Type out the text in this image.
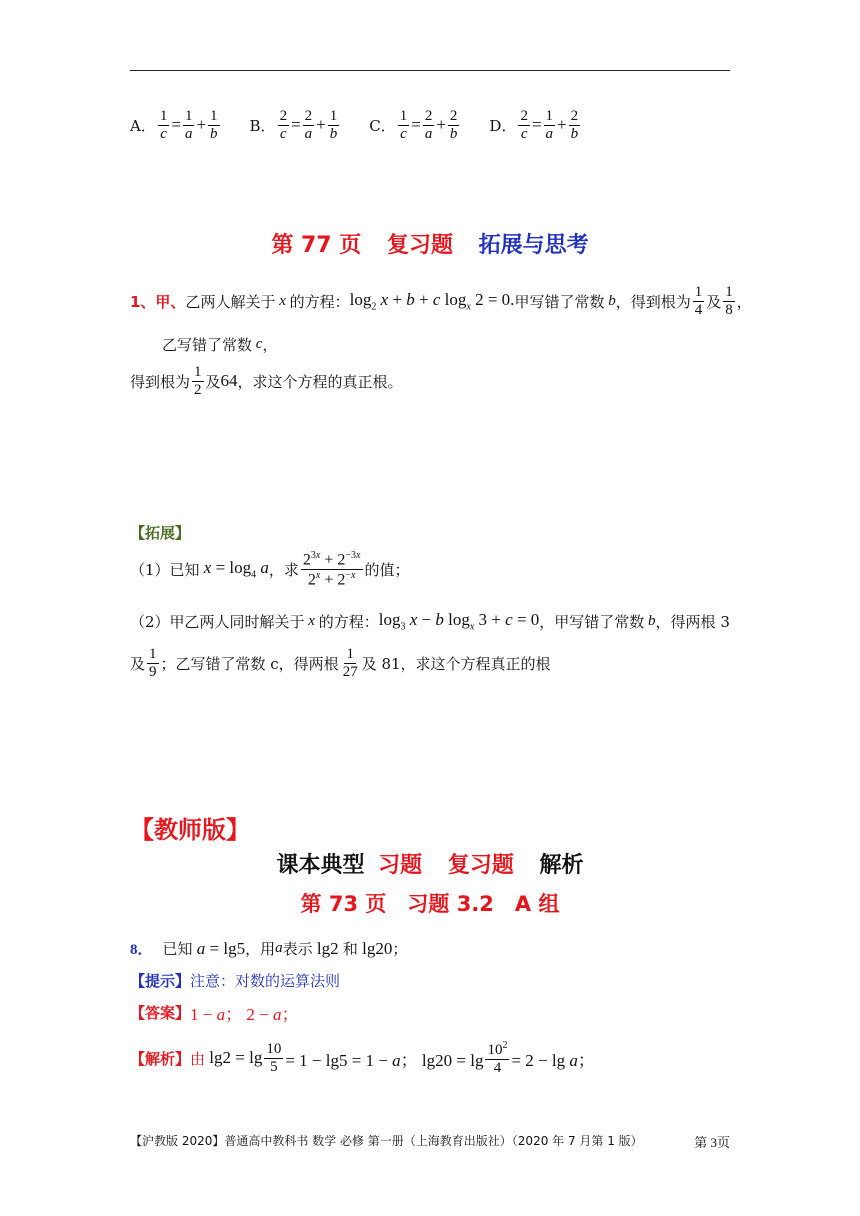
A． $\frac{1}{c} = \frac{1}{a} + \frac{1}{b}$ B． $\frac{2}{c} = \frac{2}{a} + \frac{1}{b}$ C． $\frac{1}{c} = \frac{2}{a} + \frac{2}{b}$ D． $\frac{2}{c} = \frac{1}{a} + \frac{2}{b}$
第 77 页 复习题 拓展与思考
1、甲、 乙两人解关于 x 的方程： $\log_2 x + b + c$ $\log_x 2 = 0$. 甲写错了常数 b ，得到根为 $\frac{1}{4}$ 及 $\frac{1}{8}$ ，
乙写错了常数 c ，
得到根为 $\frac{1}{2}$ 及 64 ，求这个方程的真正根。
【拓展】
（1）已知 $x = \log_4 a$ ，求 $\frac{2^{3x} + 2^{-3x}}{2^x + 2^{-x}}$ 的值；
（2）甲乙两人同时解关于 x 的方程： $\log_3 x - b$ $\log_x 3 + c = 0$ ，甲写错了常数 b ，得两根 3
及 $\frac{1}{9}$ ；乙写错了常数 c，得两根 $\frac{1}{27}$ 及 81，求这个方程真正的根
【教师版】
课本典型 习题 复习题 解析
第 73 页　习题 3.2　A 组
8． 已知 a = lg5 ，用 a 表示 lg2 和 lg20 ；
【提示】 注意：对数的运算法则
【答案】 1 − a； 2 − a；
【解析】 由 $\lg 2 = \lg \frac{10}{5} = 1 - \lg 5 = 1 - a$； $\lg 20 = \lg \frac{10^2}{4} = 2 - \lg a$；
【沪教版 2020】普通高中教科书 数学 必修 第一册（上海教育出版社）（2020 年 7 月第 1 版）	第 3页
